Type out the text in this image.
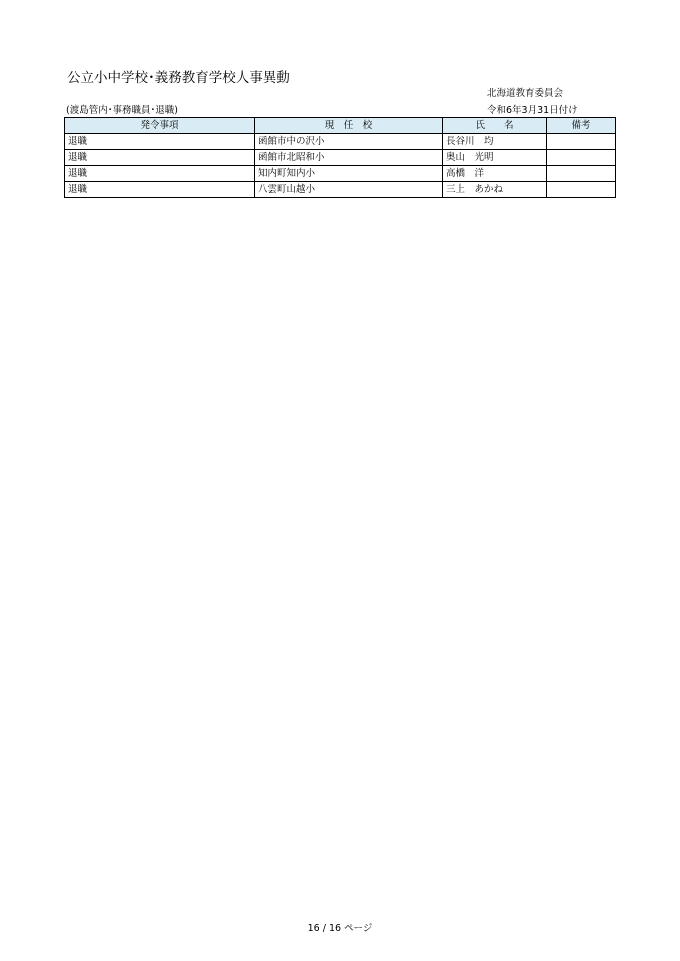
公立小中学校･義務教育学校人事異動
北海道教育委員会
(渡島管内･事務職員･退職)	令和6年3月31日付け
発令事項	現　任　校	氏　　名	備考
退職	函館市中の沢小	長谷川　均	
退職	函館市北昭和小	奥山　光明	
退職	知内町知内小	高橋　洋	
退職	八雲町山越小	三上　あかね	
16 / 16 ページ
